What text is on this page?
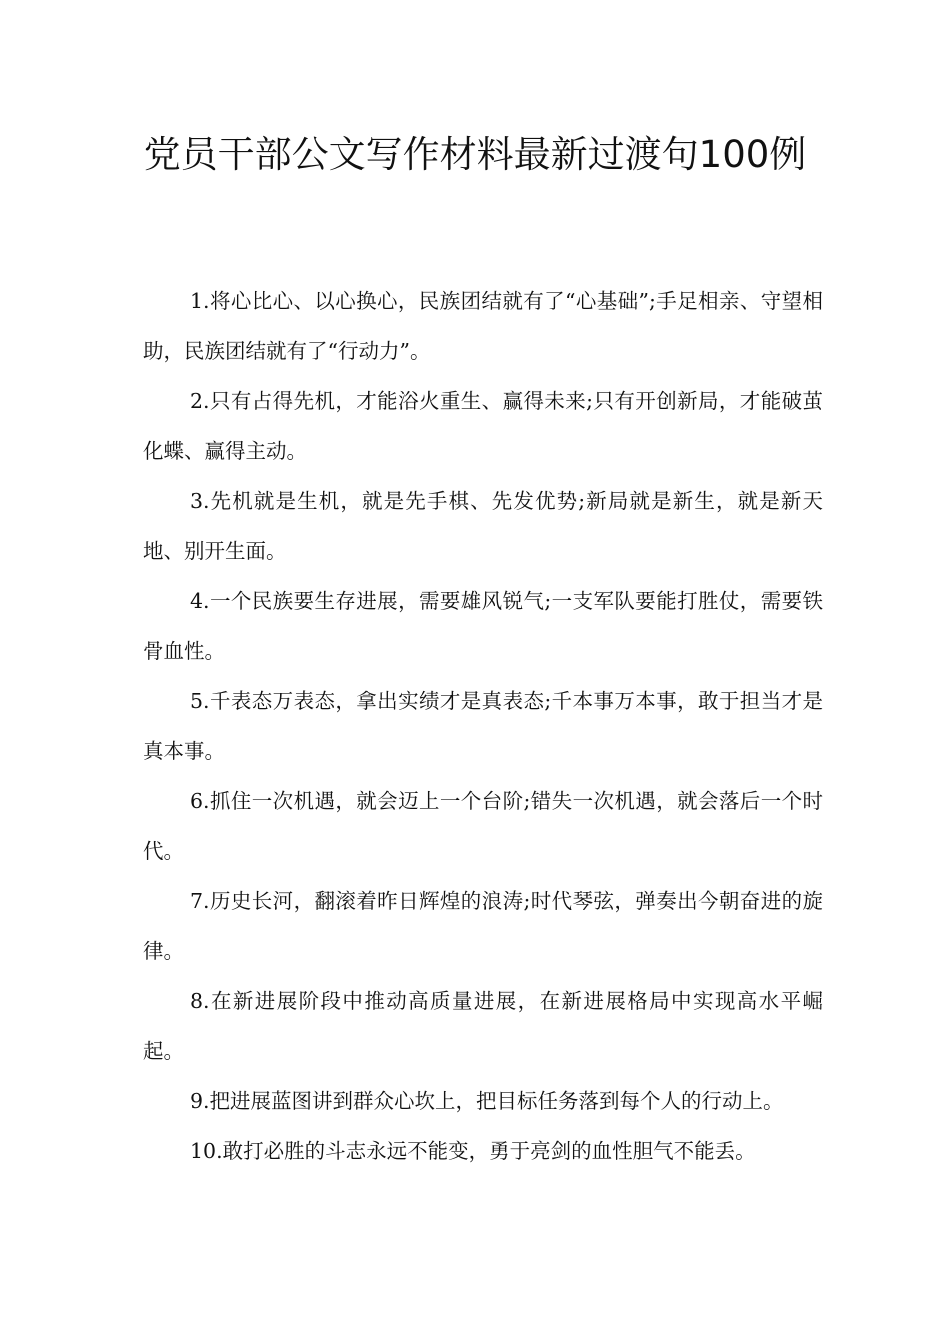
党员干部公文写作材料最新过渡句100例

1.将心比心、以心换心，民族团结就有了“心基础”;手足相亲、守望相助，民族团结就有了“行动力”。

2.只有占得先机，才能浴火重生、赢得未来;只有开创新局，才能破茧化蝶、赢得主动。

3.先机就是生机，就是先手棋、先发优势;新局就是新生，就是新天地、别开生面。

4.一个民族要生存进展，需要雄风锐气;一支军队要能打胜仗，需要铁骨血性。

5.千表态万表态，拿出实绩才是真表态;千本事万本事，敢于担当才是真本事。

6.抓住一次机遇，就会迈上一个台阶;错失一次机遇，就会落后一个时代。

7.历史长河，翻滚着昨日辉煌的浪涛;时代琴弦，弹奏出今朝奋进的旋律。

8.在新进展阶段中推动高质量进展，在新进展格局中实现高水平崛起。

9.把进展蓝图讲到群众心坎上，把目标任务落到每个人的行动上。

10.敢打必胜的斗志永远不能变，勇于亮剑的血性胆气不能丢。
